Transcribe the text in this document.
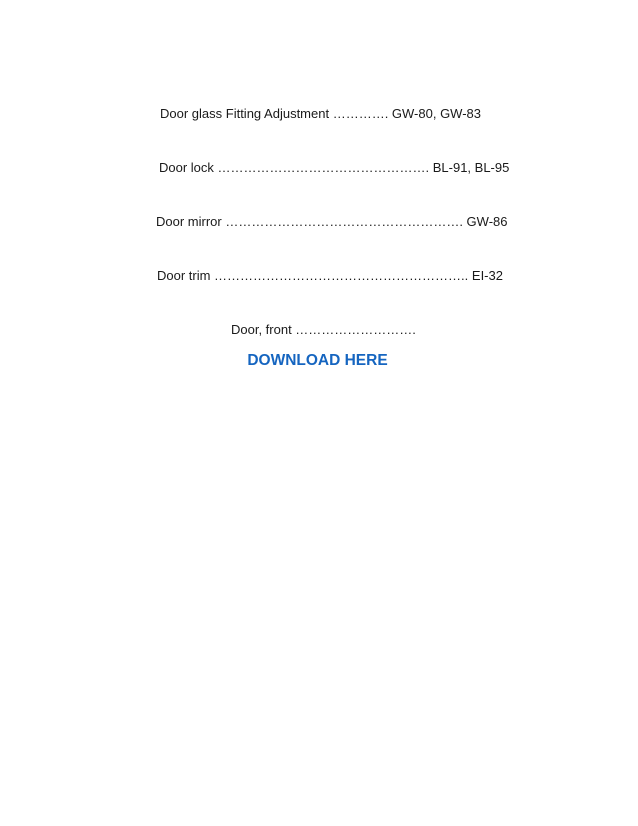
Door glass Fitting Adjustment …………. GW-80, GW-83
Door lock …………………………………………. BL-91, BL-95
Door mirror ………………………………………………. GW-86
Door trim ………………………………………………….. EI-32
Door, front ……………………….
DOWNLOAD HERE
